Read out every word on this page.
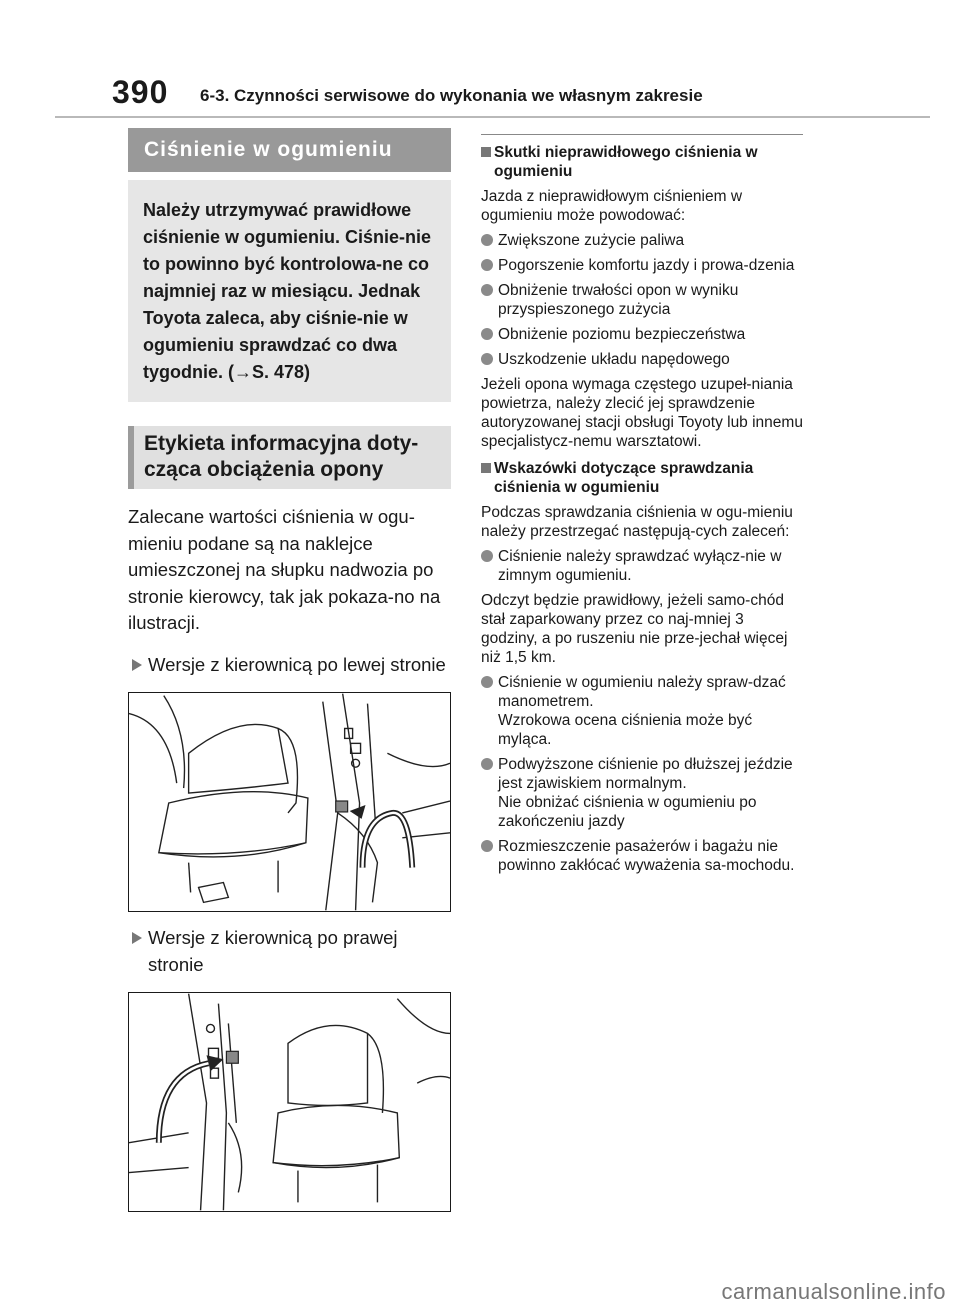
390 6-3. Czynności serwisowe do wykonania we własnym zakresie
Ciśnienie w ogumieniu
Należy utrzymywać prawidłowe ciśnienie w ogumieniu. Ciśnie-nie to powinno być kontrolowa-ne co najmniej raz w miesiącu. Jednak Toyota zaleca, aby ciśnie-nie w ogumieniu sprawdzać co dwa tygodnie. (→S. 478)
Etykieta informacyjna doty-cząca obciążenia opony
Zalecane wartości ciśnienia w ogu-mieniu podane są na naklejce umieszczonej na słupku nadwozia po stronie kierowcy, tak jak pokaza-no na ilustracji.
Wersje z kierownicą po lewej stronie
Wersje z kierownicą po prawej stronie
Skutki nieprawidłowego ciśnienia w ogumieniu
Jazda z nieprawidłowym ciśnieniem w ogumieniu może powodować:
Zwiększone zużycie paliwa
Pogorszenie komfortu jazdy i prowa-dzenia
Obniżenie trwałości opon w wyniku przyspieszonego zużycia
Obniżenie poziomu bezpieczeństwa
Uszkodzenie układu napędowego
Jeżeli opona wymaga częstego uzupeł-niania powietrza, należy zlecić jej sprawdzenie autoryzowanej stacji obsługi Toyoty lub innemu specjalistycz-nemu warsztatowi.
Wskazówki dotyczące sprawdzania ciśnienia w ogumieniu
Podczas sprawdzania ciśnienia w ogu-mieniu należy przestrzegać następują-cych zaleceń:
Ciśnienie należy sprawdzać wyłącz-nie w zimnym ogumieniu.
Odczyt będzie prawidłowy, jeżeli samo-chód stał zaparkowany przez co naj-mniej 3 godziny, a po ruszeniu nie prze-jechał więcej niż 1,5 km.
Ciśnienie w ogumieniu należy spraw-dzać manometrem.
Wzrokowa ocena ciśnienia może być myląca.
Podwyższone ciśnienie po dłuższej jeździe jest zjawiskiem normalnym.
Nie obniżać ciśnienia w ogumieniu po zakończeniu jazdy
Rozmieszczenie pasażerów i bagażu nie powinno zakłócać wyważenia sa-mochodu.
carmanualsonline.info
